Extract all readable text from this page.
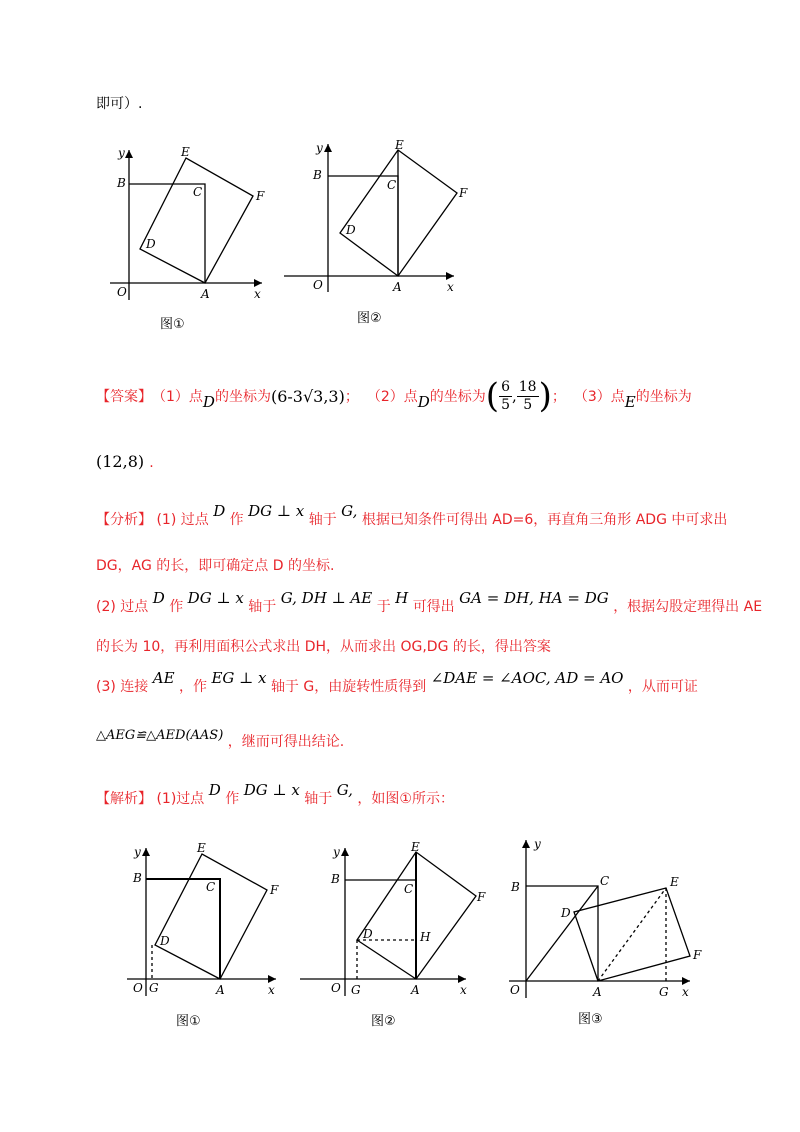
即可）.
y
x
O	A
B
C
D
E
F
图①
y
x
O	A
B
C
D
E
F
图②
【答案】 （1）点 D 的坐标为 (6-3√3,3) ； （2）点 D 的坐标为 ( $\frac{6}{5}$ , $\frac{18}{5}$ ) ； （3）点 E 的坐标为
(12,8) .
【分析】 (1) 过点 D 作 DG ⊥ x 轴于 G, 根据已知条件可得出 AD=6，再直角三角形 ADG 中可求出
DG，AG 的长，即可确定点 D 的坐标.
(2) 过点 D 作 DG ⊥ x 轴于 G, DH ⊥ AE 于 H 可得出 GA = DH, HA = DG ，根据勾股定理得出 AE
的长为 10，再利用面积公式求出 DH，从而求出 OG,DG 的长，得出答案
(3) 连接 AE ，作 EG ⊥ x 轴于 G，由旋转性质得到 ∠DAE = ∠AOC, AD = AO ，从而可证
△AEG≌△AED(AAS) ，继而可得出结论.
【解析】 (1)过点 D 作 DG ⊥ x 轴于 G, ，如图①所示：
y
x
O G	A
B
C
D
E
F
图①
y
x
O G	A
B
C
D
E
F
H
图②
y
x
O	A	G
B	C
D
E
F
图③
